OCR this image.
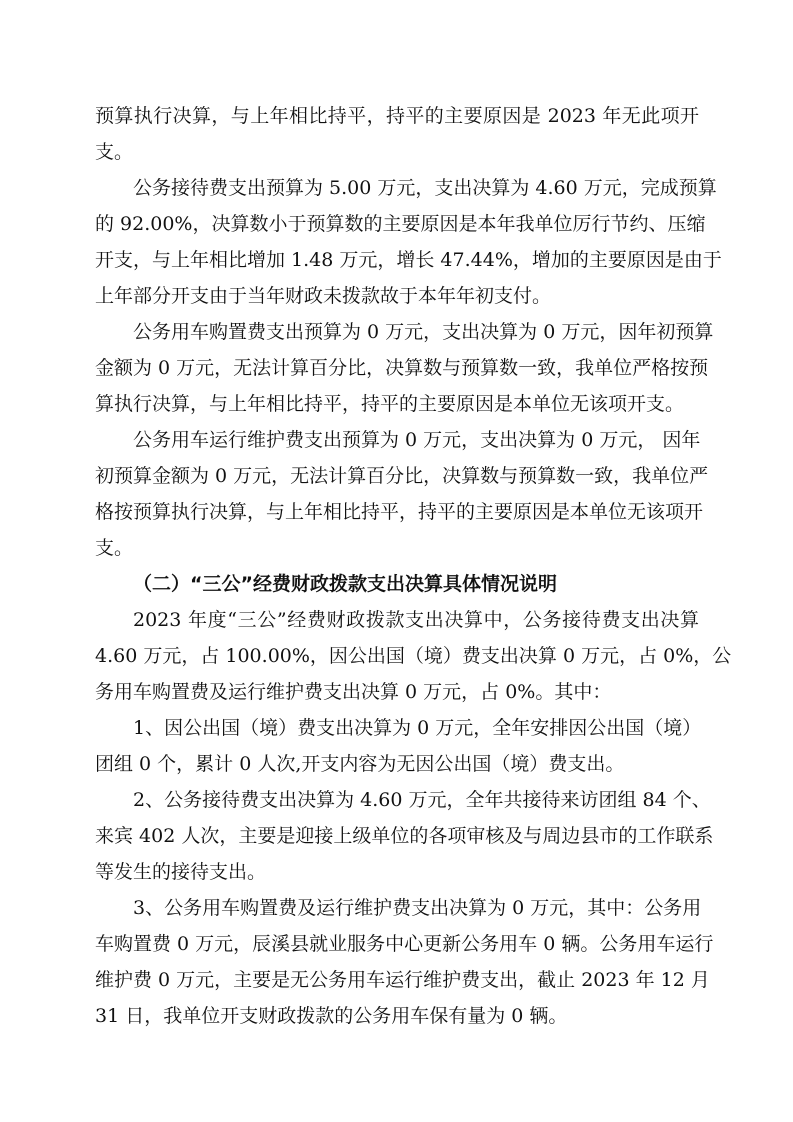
预算执行决算，与上年相比持平，持平的主要原因是 2023 年无此项开
支。
公务接待费支出预算为 5.00 万元，支出决算为 4.60 万元，完成预算
的 92.00%，决算数小于预算数的主要原因是本年我单位厉行节约、压缩
开支，与上年相比增加 1.48 万元，增长 47.44%，增加的主要原因是由于
上年部分开支由于当年财政未拨款故于本年年初支付。
公务用车购置费支出预算为 0 万元，支出决算为 0 万元，因年初预算
金额为 0 万元，无法计算百分比，决算数与预算数一致，我单位严格按预
算执行决算，与上年相比持平，持平的主要原因是本单位无该项开支。
公务用车运行维护费支出预算为 0 万元，支出决算为 0 万元， 因年
初预算金额为 0 万元，无法计算百分比，决算数与预算数一致，我单位严
格按预算执行决算，与上年相比持平，持平的主要原因是本单位无该项开
支。
（二）“三公”经费财政拨款支出决算具体情况说明
2023 年度“三公”经费财政拨款支出决算中，公务接待费支出决算
4.60 万元，占 100.00%，因公出国（境）费支出决算 0 万元，占 0%，公
务用车购置费及运行维护费支出决算 0 万元，占 0%。其中：
1、因公出国（境）费支出决算为 0 万元，全年安排因公出国（境）
团组 0 个，累计 0 人次,开支内容为无因公出国（境）费支出。
2、公务接待费支出决算为 4.60 万元，全年共接待来访团组 84 个、
来宾 402 人次，主要是迎接上级单位的各项审核及与周边县市的工作联系
等发生的接待支出。
3、公务用车购置费及运行维护费支出决算为 0 万元，其中：公务用
车购置费 0 万元，辰溪县就业服务中心更新公务用车 0 辆。公务用车运行
维护费 0 万元，主要是无公务用车运行维护费支出，截止 2023 年 12 月
31 日，我单位开支财政拨款的公务用车保有量为 0 辆。
